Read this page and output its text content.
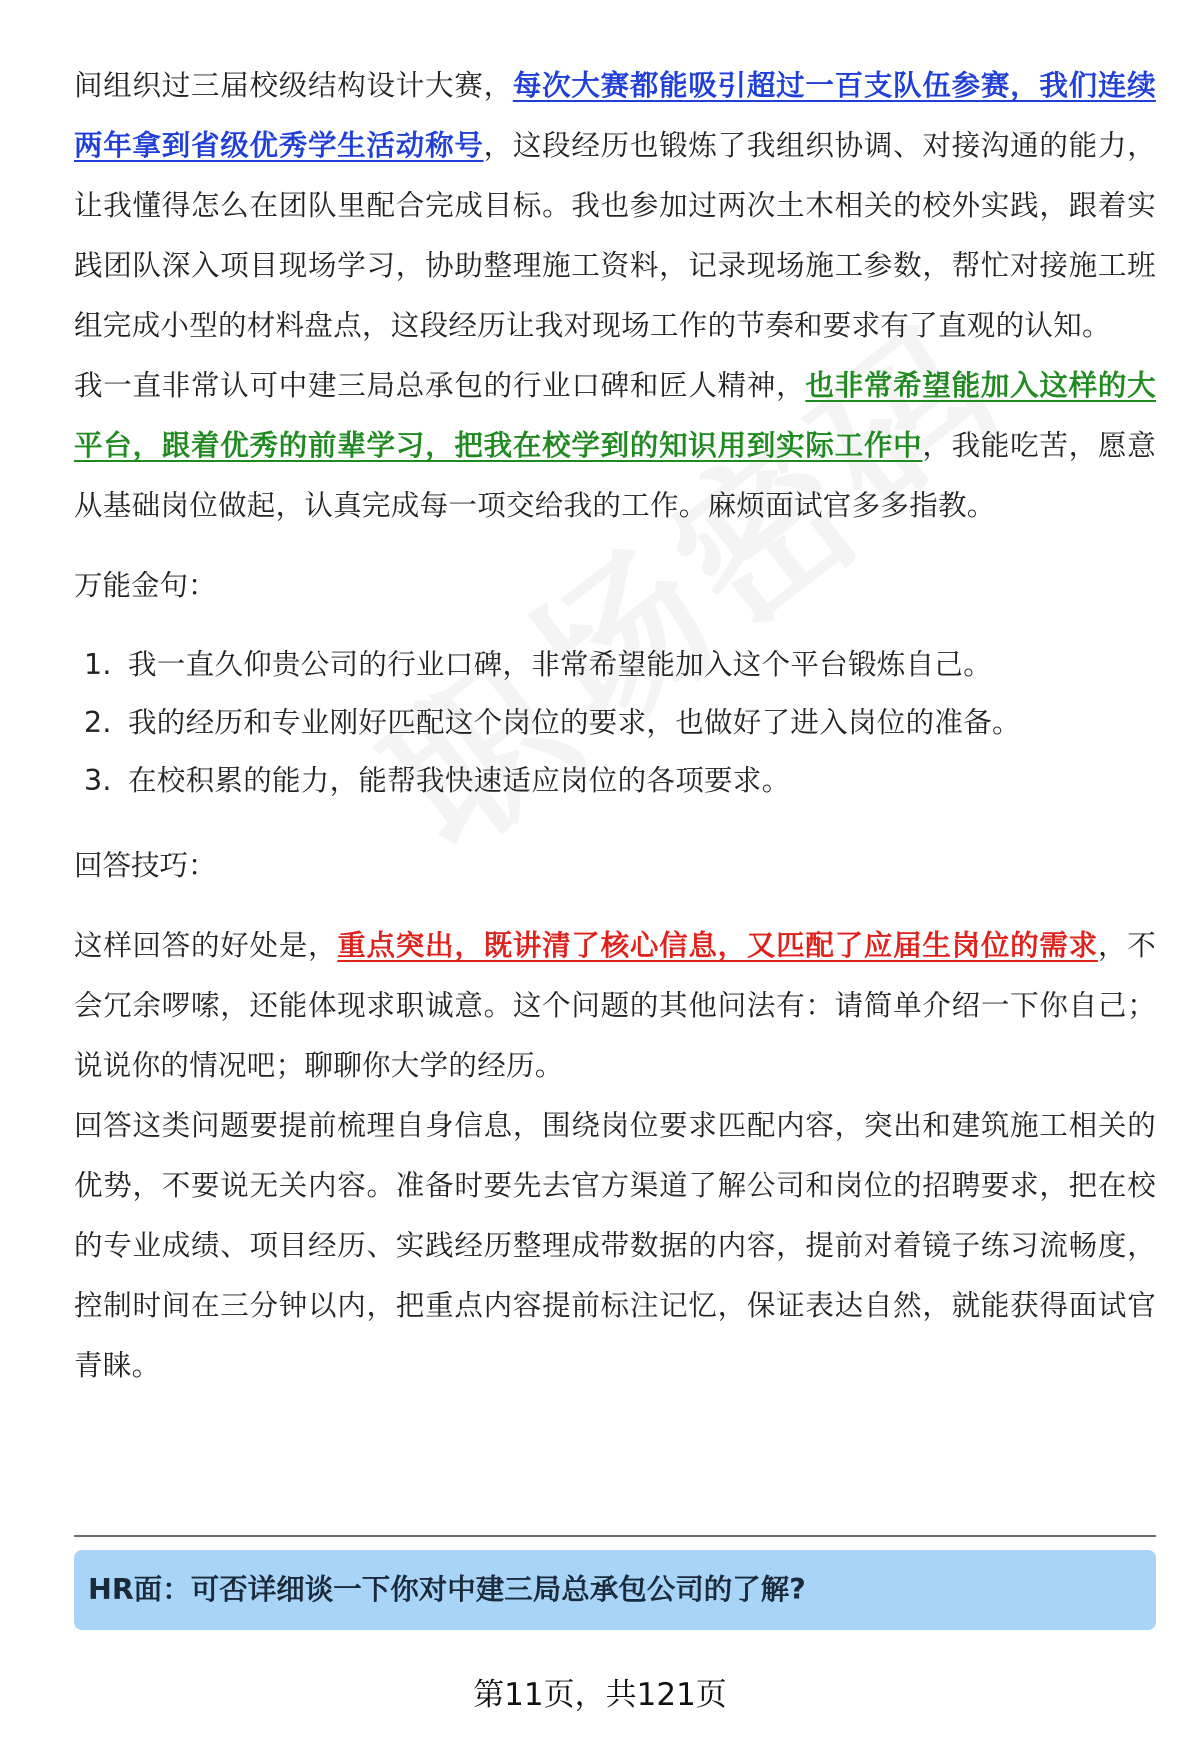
间组织过三届校级结构设计大赛，每次大赛都能吸引超过一百支队伍参赛，我们连续两年拿到省级优秀学生活动称号，这段经历也锻炼了我组织协调、对接沟通的能力，让我懂得怎么在团队里配合完成目标。我也参加过两次土木相关的校外实践，跟着实践团队深入项目现场学习，协助整理施工资料，记录现场施工参数，帮忙对接施工班组完成小型的材料盘点，这段经历让我对现场工作的节奏和要求有了直观的认知。

我一直非常认可中建三局总承包的行业口碑和匠人精神，也非常希望能加入这样的大平台，跟着优秀的前辈学习，把我在校学到的知识用到实际工作中，我能吃苦，愿意从基础岗位做起，认真完成每一项交给我的工作。麻烦面试官多多指教。

万能金句：

1. 我一直久仰贵公司的行业口碑，非常希望能加入这个平台锻炼自己。
2. 我的经历和专业刚好匹配这个岗位的要求，也做好了进入岗位的准备。
3. 在校积累的能力，能帮我快速适应岗位的各项要求。

回答技巧：

这样回答的好处是，重点突出，既讲清了核心信息，又匹配了应届生岗位的需求，不会冗余啰嗦，还能体现求职诚意。这个问题的其他问法有：请简单介绍一下你自己；说说你的情况吧；聊聊你大学的经历。

回答这类问题要提前梳理自身信息，围绕岗位要求匹配内容，突出和建筑施工相关的优势，不要说无关内容。准备时要先去官方渠道了解公司和岗位的招聘要求，把在校的专业成绩、项目经历、实践经历整理成带数据的内容，提前对着镜子练习流畅度，控制时间在三分钟以内，把重点内容提前标注记忆，保证表达自然，就能获得面试官青睐。

HR面：可否详细谈一下你对中建三局总承包公司的了解?
第11页，共121页
